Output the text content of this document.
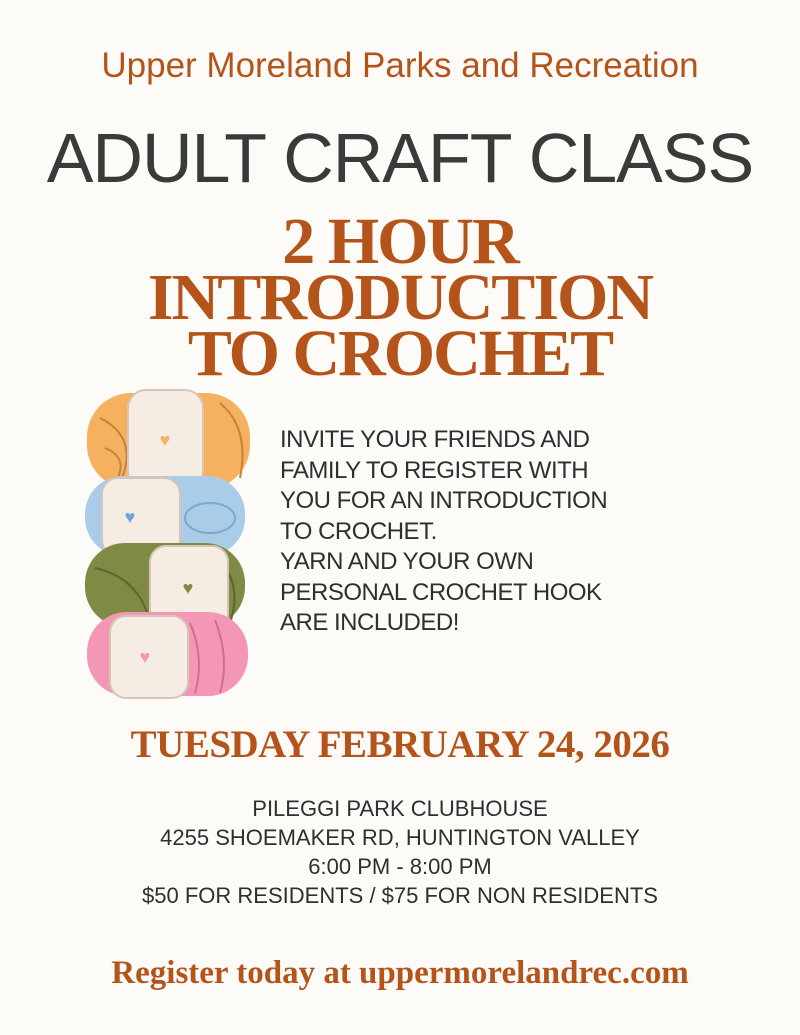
Upper Moreland Parks and Recreation
ADULT CRAFT CLASS
2 HOUR
INTRODUCTION
TO CROCHET
♥
♥
♥
♥
INVITE YOUR FRIENDS AND
FAMILY TO REGISTER WITH
YOU FOR AN INTRODUCTION
TO CROCHET.
YARN AND YOUR OWN
PERSONAL CROCHET HOOK
ARE INCLUDED!
TUESDAY FEBRUARY 24, 2026
PILEGGI PARK CLUBHOUSE
4255 SHOEMAKER RD, HUNTINGTON VALLEY
6:00 PM - 8:00 PM
$50 FOR RESIDENTS / $75 FOR NON RESIDENTS
Register today at uppermorelandrec.com
